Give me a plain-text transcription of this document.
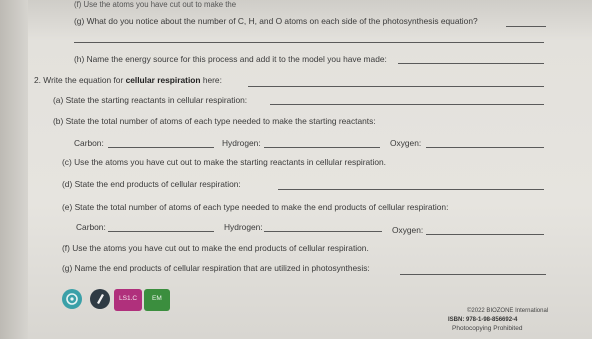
(f) Use the atoms you have cut out to make the
(g) What do you notice about the number of C, H, and O atoms on each side of the photosynthesis equation?
(h) Name the energy source for this process and add it to the model you have made:
2. Write the equation for cellular respiration here:
(a) State the starting reactants in cellular respiration:
(b) State the total number of atoms of each type needed to make the starting reactants:
Carbon:	Hydrogen:	Oxygen:
(c) Use the atoms you have cut out to make the starting reactants in cellular respiration.
(d) State the end products of cellular respiration:
(e) State the total number of atoms of each type needed to make the end products of cellular respiration:
Carbon:	Hydrogen:	Oxygen:
(f) Use the atoms you have cut out to make the end products of cellular respiration.
(g) Name the end products of cellular respiration that are utilized in photosynthesis:
LS1.C EM
©2022 BIOZONE International
ISBN: 978-1-98-856692-4
Photocopying Prohibited
